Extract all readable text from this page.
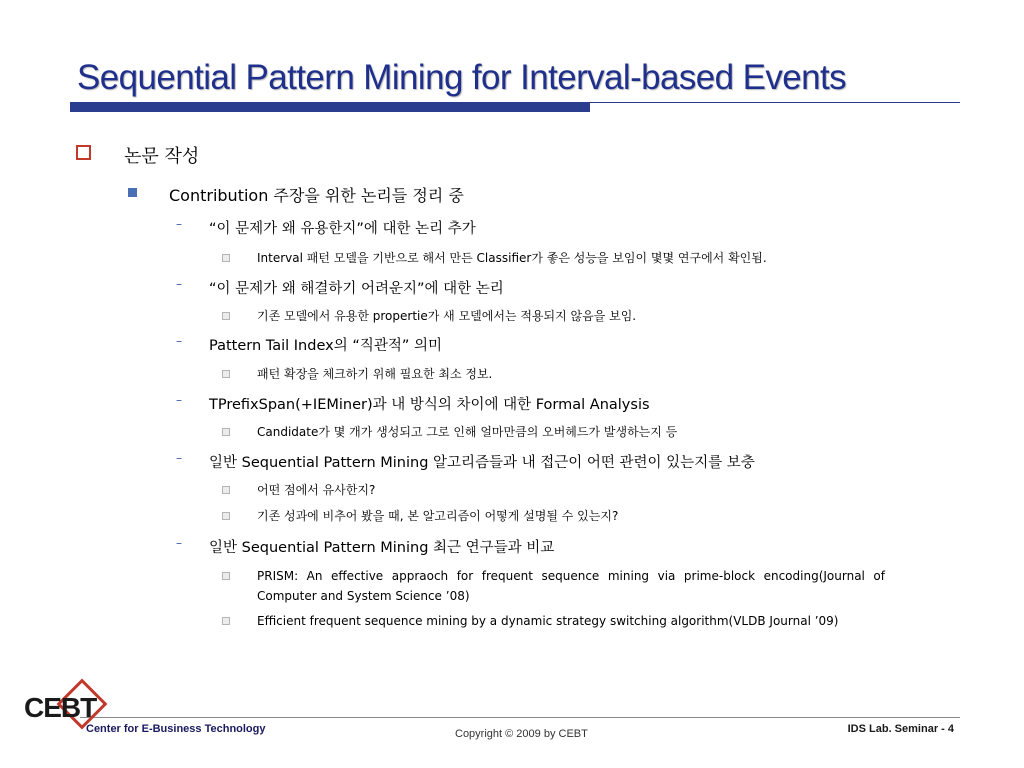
Sequential Pattern Mining for Interval-based Events
논문 작성
Contribution 주장을 위한 논리들 정리 중
–	“이 문제가 왜 유용한지”에 대한 논리 추가
Interval 패턴 모델을 기반으로 해서 만든 Classifier가 좋은 성능을 보임이 몇몇 연구에서 확인됨.
–	“이 문제가 왜 해결하기 어려운지”에 대한 논리
기존 모델에서 유용한 propertie가 새 모델에서는 적용되지 않음을 보임.
–	Pattern Tail Index의 “직관적” 의미
패턴 확장을 체크하기 위해 필요한 최소 정보.
–	TPrefixSpan(+IEMiner)과 내 방식의 차이에 대한 Formal Analysis
Candidate가 몇 개가 생성되고 그로 인해 얼마만큼의 오버헤드가 발생하는지 등
–	일반 Sequential Pattern Mining 알고리즘들과 내 접근이 어떤 관련이 있는지를 보충
어떤 점에서 유사한지?
기존 성과에 비추어 봤을 때, 본 알고리즘이 어떻게 설명될 수 있는지?
–	일반 Sequential Pattern Mining 최근 연구들과 비교
PRISM: An effective appraoch for frequent sequence mining via prime-block encoding(Journal of Computer and System Science ’08)
Efficient frequent sequence mining by a dynamic strategy switching algorithm(VLDB Journal ’09)
CEBT
Center for E-Business Technology	Copyright © 2009 by CEBT	IDS Lab. Seminar - 4
